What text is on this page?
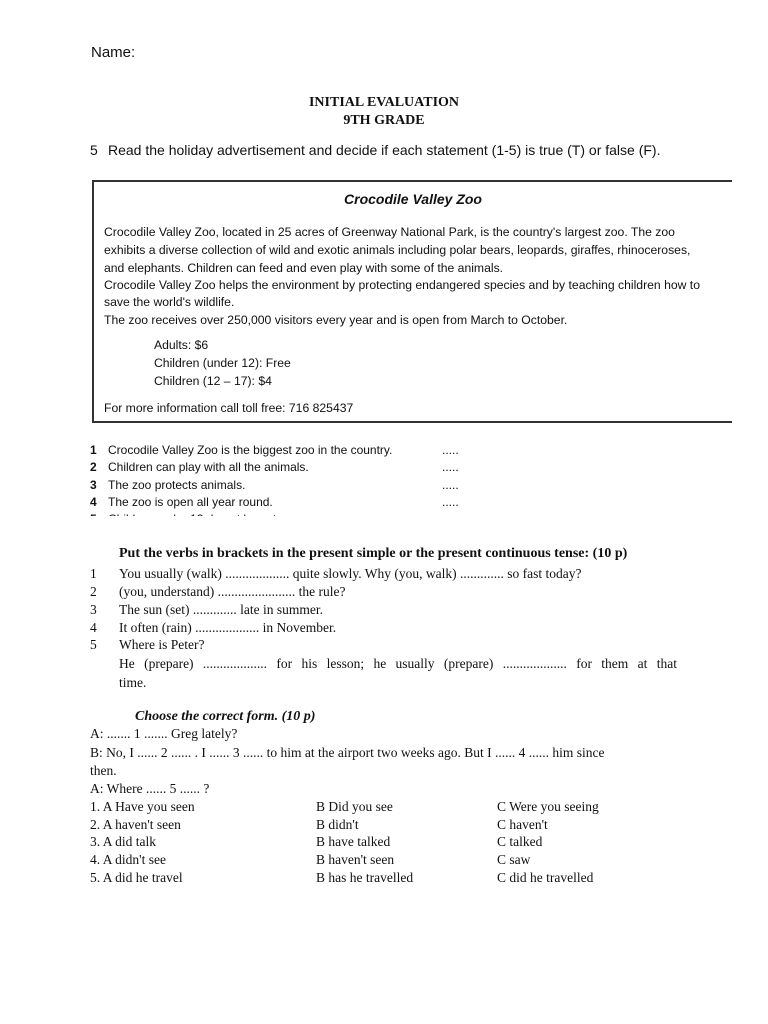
Name:
INITIAL EVALUATION
9TH GRADE
5 Read the holiday advertisement and decide if each statement (1-5) is true (T) or false (F).
Crocodile Valley Zoo
Crocodile Valley Zoo, located in 25 acres of Greenway National Park, is the country's largest zoo. The zoo
exhibits a diverse collection of wild and exotic animals including polar bears, leopards, giraffes, rhinoceroses,
and elephants. Children can feed and even play with some of the animals.
Crocodile Valley Zoo helps the environment by protecting endangered species and by teaching children how to
save the world's wildlife.
The zoo receives over 250,000 visitors every year and is open from March to October.
Adults: $6
Children (under 12): Free
Children (12 – 17): $4
For more information call toll free: 716 825437
1 Crocodile Valley Zoo is the biggest zoo in the country.	.....
2 Children can play with all the animals.	.....
3 The zoo protects animals.	.....
4 The zoo is open all year round.	.....
Put the verbs in brackets in the present simple or the present continuous tense: (10 p)
1 You usually (walk) ................... quite slowly. Why (you, walk) ............. so fast today?
2 (you, understand) ....................... the rule?
3 The sun (set) ............. late in summer.
4 It often (rain) ................... in November.
5 Where is Peter?
He (prepare) ................... for his lesson; he usually (prepare) ................... for them at that
time.
Choose the correct form. (10 p)
A: ....... 1 ....... Greg lately?
B: No, I ...... 2 ...... . I ...... 3 ...... to him at the airport two weeks ago. But I ...... 4 ...... him since
then.
A: Where ...... 5 ...... ?
1. A Have you seen	B Did you see	C Were you seeing
2. A haven't seen	B didn't	C haven't
3. A did talk	B have talked	C talked
4. A didn't see	B haven't seen	C saw
5. A did he travel	B has he travelled	C did he travelled
